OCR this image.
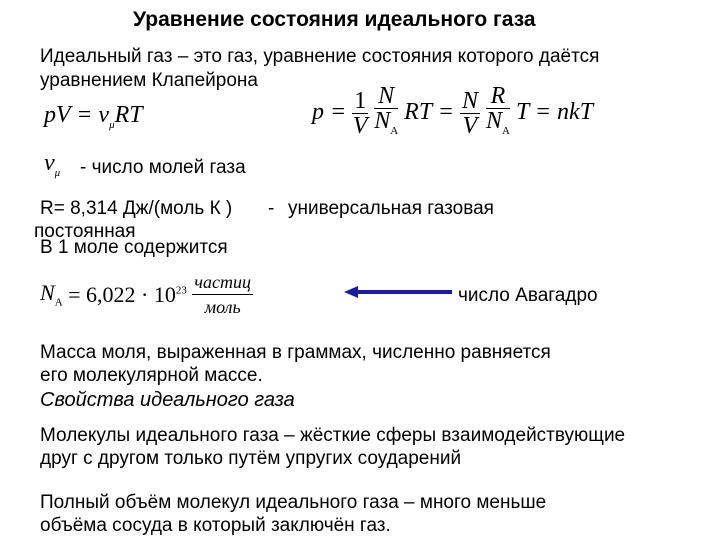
Уравнение состояния идеального газа
Идеальный газ – это газ, уравнение состояния которого даётся
уравнением Клапейрона
pV = $\nu_\mu RT$	$p = \frac{1}{V}$
$\frac{N}{N_A}$ RT = $\frac{N}{V}$
$\frac{R}{N_A}$ T = nkT
$\nu_\mu$ - число молей газа
R= 8,314 Дж/(моль К ) - универсальная газовая
постоянная
В 1 моле содержится
$N_A = 6,022 \cdot 10^{23} \frac{\text{частиц}}{\text{моль}}$	число Авагадро
Масса моля, выраженная в граммах, численно равняется
его молекулярной массе.
Свойства идеального газа
Молекулы идеального газа – жёсткие сферы взаимодействующие
друг с другом только путём упругих соударений
Полный объём молекул идеального газа – много меньше
объёма сосуда в который заключён газ.
